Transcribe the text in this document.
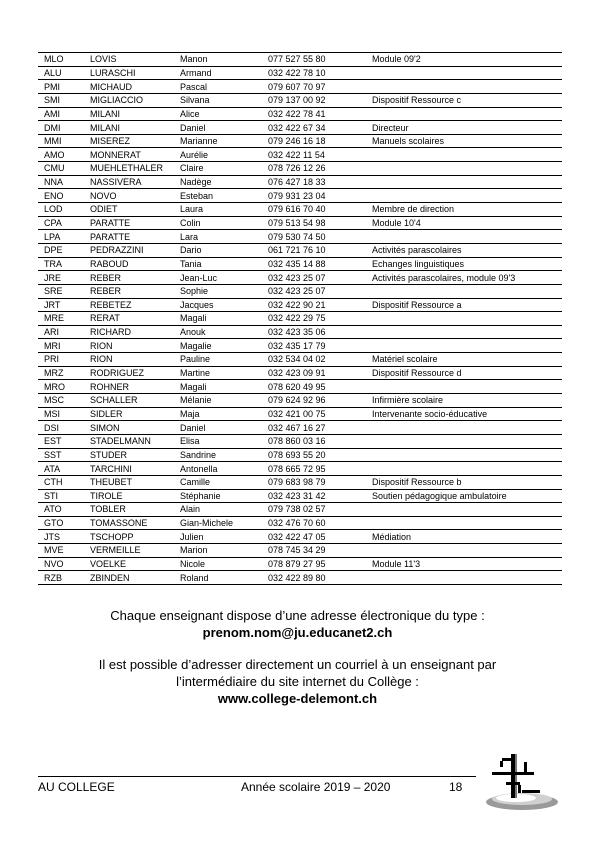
MLO	LOVIS	Manon	077 527 55 80	Module 09'2
ALU	LURASCHI	Armand	032 422 78 10	
PMI	MICHAUD	Pascal	079 607 70 97	
SMI	MIGLIACCIO	Silvana	079 137 00 92	Dispositif Ressource c
AMI	MILANI	Alice	032 422 78 41	
DMI	MILANI	Daniel	032 422 67 34	Directeur
MMI	MISEREZ	Marianne	079 246 16 18	Manuels scolaires
AMO	MONNERAT	Aurélie	032 422 11 54	
CMU	MUEHLETHALER	Claire	078 726 12 26	
NNA	NASSIVERA	Nadège	076 427 18 33	
ENO	NOVO	Esteban	079 931 23 04	
LOD	ODIET	Laura	079 616 70 40	Membre de direction
CPA	PARATTE	Colin	079 513 54 98	Module 10'4
LPA	PARATTE	Lara	079 530 74 50	
DPE	PEDRAZZINI	Dario	061 721 76 10	Activités parascolaires
TRA	RABOUD	Tania	032 435 14 88	Echanges linguistiques
JRE	REBER	Jean-Luc	032 423 25 07	Activités parascolaires, module 09'3
SRE	REBER	Sophie	032 423 25 07	
JRT	REBETEZ	Jacques	032 422 90 21	Dispositif Ressource a
MRE	RERAT	Magali	032 422 29 75	
ARI	RICHARD	Anouk	032 423 35 06	
MRI	RION	Magalie	032 435 17 79	
PRI	RION	Pauline	032 534 04 02	Matériel scolaire
MRZ	RODRIGUEZ	Martine	032 423 09 91	Dispositif Ressource d
MRO	ROHNER	Magali	078 620 49 95	
MSC	SCHALLER	Mélanie	079 624 92 96	Infirmière scolaire
MSI	SIDLER	Maja	032 421 00 75	Intervenante socio-éducative
DSI	SIMON	Daniel	032 467 16 27	
EST	STADELMANN	Elisa	078 860 03 16	
SST	STUDER	Sandrine	078 693 55 20	
ATA	TARCHINI	Antonella	078 665 72 95	
CTH	THEUBET	Camille	079 683 98 79	Dispositif Ressource b
STI	TIROLE	Stéphanie	032 423 31 42	Soutien pédagogique ambulatoire
ATO	TOBLER	Alain	079 738 02 57	
GTO	TOMASSONE	Gian-Michele	032 476 70 60	
JTS	TSCHOPP	Julien	032 422 47 05	Médiation
MVE	VERMEILLE	Marion	078 745 34 29	
NVO	VOELKE	Nicole	078 879 27 95	Module 11'3
RZB	ZBINDEN	Roland	032 422 89 80	
Chaque enseignant dispose d’une adresse électronique du type :
prenom.nom@ju.educanet2.ch
Il est possible d’adresser directement un courriel à un enseignant par
l’intermédiaire du site internet du Collège :
www.college-delemont.ch
AU COLLEGE	Année scolaire 2019 – 2020	18
